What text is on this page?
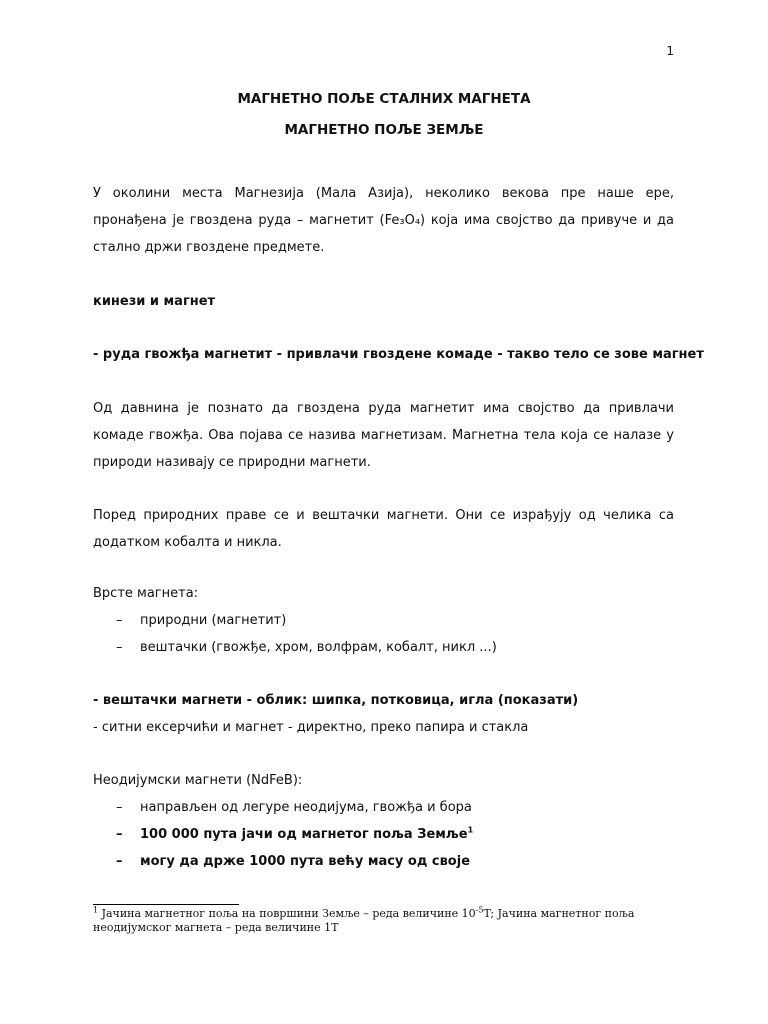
1
МАГНЕТНО ПОЉЕ СТАЛНИХ МАГНЕТА
МАГНЕТНО ПОЉЕ ЗЕМЉЕ

У околини места Магнезија (Мала Азија), неколико векова пре наше ере, пронађена је гвоздена руда – магнетит (Fe₃O₄) која има својство да привуче и да стално држи гвоздене предмете.

кинези и магнет
- руда гвожђа магнетит - привлачи гвоздене комаде - такво тело се зове магнет

Од давнина је познато да гвоздена руда магнетит има својство да привлачи комаде гвожђа. Ова појава се назива магнетизам. Магнетна тела која се налазе у природи називају се природни магнети.

Поред природних праве се и вештачки магнети. Они се израђују од челика са додатком кобалта и никла.

Врсте магнета:
– природни (магнетит)
– вештачки (гвожђе, хром, волфрам, кобалт, никл ...)
- вештачки магнети - облик: шипка, потковица, игла (показати)
- ситни ексерчићи и магнет - директно, преко папира и стакла
Неодијумски магнети (NdFeB):
– направљен од легуре неодијума, гвожђа и бора
– 100 000 пута јачи од магнетог поља Земље$^1$
– могу да држе 1000 пута већу масу од своје
$^1$ Јачина магнетног поља на површини Земље – реда величине $10^{-5}T$; Јачина магнетног поља неодијумског магнета – реда величине 1T
